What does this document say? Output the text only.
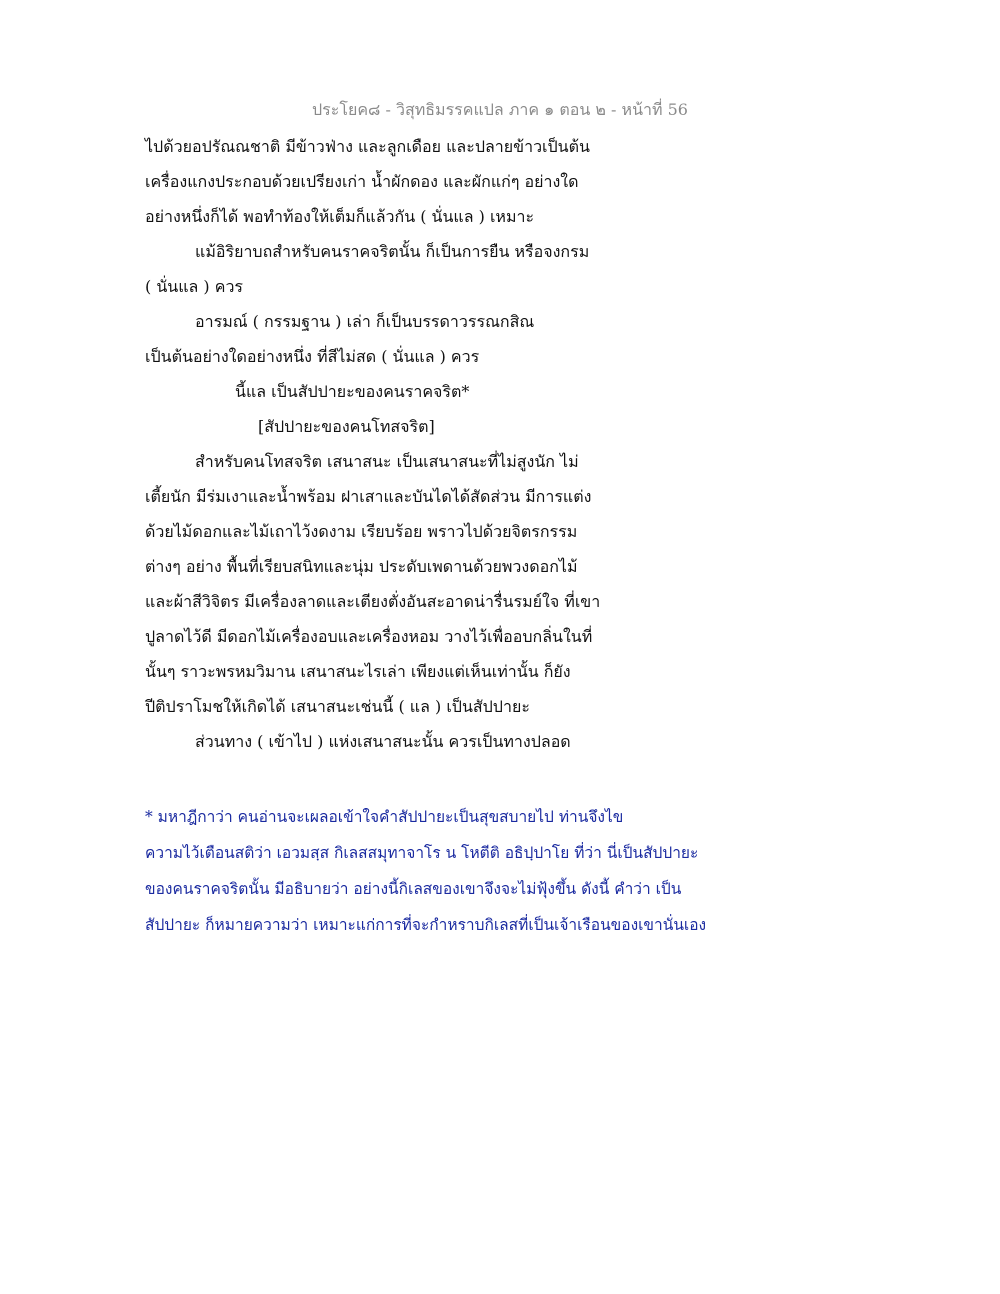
ประโยค๘ - วิสุทธิมรรคแปล ภาค ๑ ตอน ๒ - หน้าที่ 56
ไปด้วยอปรัณณชาติ มีข้าวฟ่าง และลูกเดือย และปลายข้าวเป็นต้น
เครื่องแกงประกอบด้วยเปรียงเก่า น้ำผักดอง และผักแก่ๆ อย่างใด
อย่างหนึ่งก็ได้ พอทำท้องให้เต็มก็แล้วกัน ( นั่นแล ) เหมาะ
แม้อิริยาบถสำหรับคนราคจริตนั้น ก็เป็นการยืน หรือจงกรม
( นั่นแล ) ควร
อารมณ์ ( กรรมฐาน ) เล่า ก็เป็นบรรดาวรรณกสิณ
เป็นต้นอย่างใดอย่างหนึ่ง ที่สีไม่สด ( นั่นแล ) ควร
นี้แล เป็นสัปปายะของคนราคจริต*
[สัปปายะของคนโทสจริต]
สำหรับคนโทสจริต เสนาสนะ เป็นเสนาสนะที่ไม่สูงนัก ไม่
เตี้ยนัก มีร่มเงาและน้ำพร้อม ฝาเสาและบันไดได้สัดส่วน มีการแต่ง
ด้วยไม้ดอกและไม้เถาไว้งดงาม เรียบร้อย พราวไปด้วยจิตรกรรม
ต่างๆ อย่าง พื้นที่เรียบสนิทและนุ่ม ประดับเพดานด้วยพวงดอกไม้
และผ้าสีวิจิตร มีเครื่องลาดและเตียงตั่งอันสะอาดน่ารื่นรมย์ใจ ที่เขา
ปูลาดไว้ดี มีดอกไม้เครื่องอบและเครื่องหอม วางไว้เพื่ออบกลิ่นในที่
นั้นๆ ราวะพรหมวิมาน เสนาสนะไรเล่า เพียงแต่เห็นเท่านั้น ก็ยัง
ปีติปราโมชให้เกิดได้ เสนาสนะเช่นนี้ ( แล ) เป็นสัปปายะ
ส่วนทาง ( เข้าไป ) แห่งเสนาสนะนั้น ควรเป็นทางปลอด
* มหาฎีกาว่า คนอ่านจะเผลอเข้าใจคำสัปปายะเป็นสุขสบายไป ท่านจึงไข
ความไว้เตือนสติว่า เอวมสฺส กิเลสสมุทาจาโร น โหตีติ อธิปฺปาโย ที่ว่า นี่เป็นสัปปายะ
ของคนราคจริตนั้น มีอธิบายว่า อย่างนี้กิเลสของเขาจึงจะไม่ฟุ้งขึ้น ดังนี้ คำว่า เป็น
สัปปายะ ก็หมายความว่า เหมาะแก่การที่จะกำหราบกิเลสที่เป็นเจ้าเรือนของเขานั่นเอง
